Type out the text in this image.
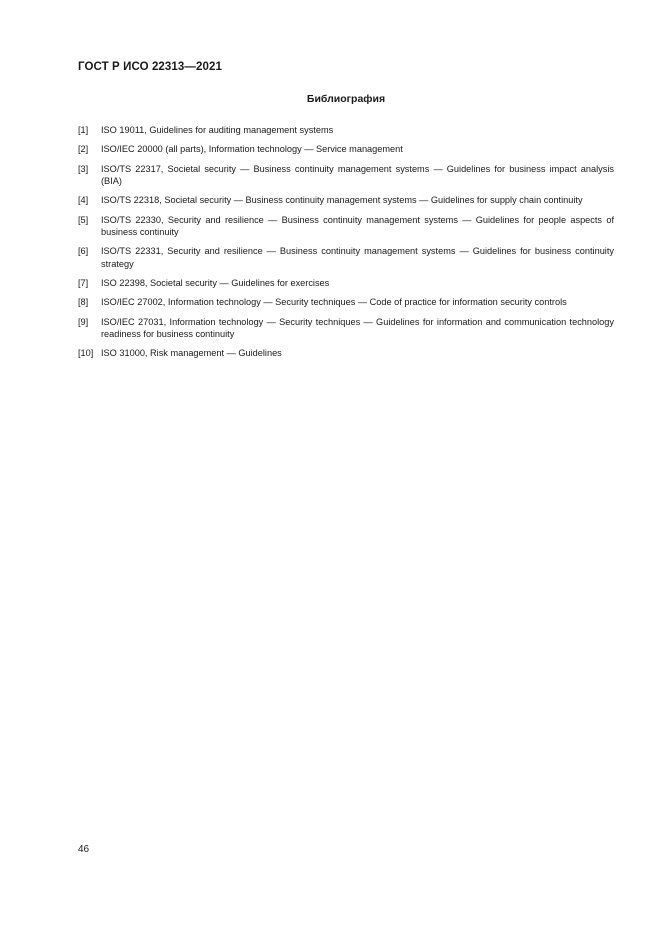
ГОСТ Р ИСО 22313—2021
Библиография
[1]	ISO 19011, Guidelines for auditing management systems
[2]	ISO/IEC 20000 (all parts), Information technology — Service management
[3]	ISO/TS 22317, Societal security — Business continuity management systems — Guidelines for business impact analysis (BIA)
[4]	ISO/TS 22318, Societal security — Business continuity management systems — Guidelines for supply chain continuity
[5]	ISO/TS 22330, Security and resilience — Business continuity management systems — Guidelines for people aspects of business continuity
[6]	ISO/TS 22331, Security and resilience — Business continuity management systems — Guidelines for business continuity strategy
[7]	ISO 22398, Societal security — Guidelines for exercises
[8]	ISO/IEC 27002, Information technology — Security techniques — Code of practice for information security controls
[9]	ISO/IEC 27031, Information technology — Security techniques — Guidelines for information and communication technology readiness for business continuity
[10] ISO 31000, Risk management — Guidelines
46
